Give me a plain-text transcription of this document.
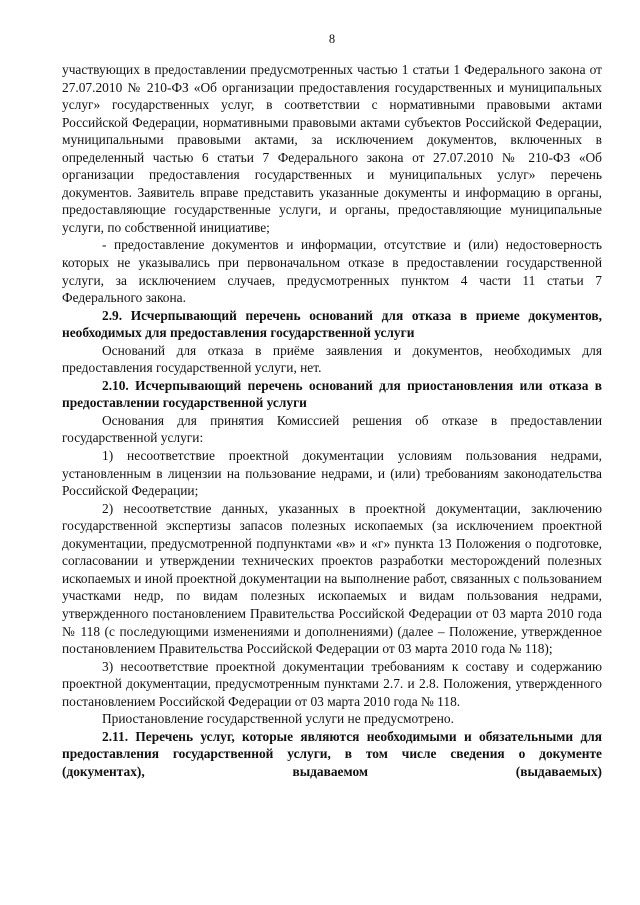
8

участвующих в предоставлении предусмотренных частью 1 статьи 1 Федерального закона от 27.07.2010 № 210-ФЗ «Об организации предоставления государственных и муниципальных услуг» государственных услуг, в соответствии с нормативными правовыми актами Российской Федерации, нормативными правовыми актами субъектов Российской Федерации, муниципальными правовыми актами, за исключением документов, включенных в определенный частью 6 статьи 7 Федерального закона от 27.07.2010 № 210-ФЗ «Об организации предоставления государственных и муниципальных услуг» перечень документов. Заявитель вправе представить указанные документы и информацию в органы, предоставляющие государственные услуги, и органы, предоставляющие муниципальные услуги, по собственной инициативе;

- предоставление документов и информации, отсутствие и (или) недостоверность которых не указывались при первоначальном отказе в предоставлении государственной услуги, за исключением случаев, предусмотренных пунктом 4 части 11 статьи 7 Федерального закона.

2.9. Исчерпывающий перечень оснований для отказа в приеме документов, необходимых для предоставления государственной услуги

Оснований для отказа в приёме заявления и документов, необходимых для предоставления государственной услуги, нет.

2.10. Исчерпывающий перечень оснований для приостановления или отказа в предоставлении государственной услуги

Основания для принятия Комиссией решения об отказе в предоставлении государственной услуги:

1) несоответствие проектной документации условиям пользования недрами, установленным в лицензии на пользование недрами, и (или) требованиям законодательства Российской Федерации;

2) несоответствие данных, указанных в проектной документации, заключению государственной экспертизы запасов полезных ископаемых (за исключением проектной документации, предусмотренной подпунктами «в» и «г» пункта 13 Положения о подготовке, согласовании и утверждении технических проектов разработки месторождений полезных ископаемых и иной проектной документации на выполнение работ, связанных с пользованием участками недр, по видам полезных ископаемых и видам пользования недрами, утвержденного постановлением Правительства Российской Федерации от 03 марта 2010 года № 118 (с последующими изменениями и дополнениями) (далее – Положение, утвержденное постановлением Правительства Российской Федерации от 03 марта 2010 года № 118);

3) несоответствие проектной документации требованиям к составу и содержанию проектной документации, предусмотренным пунктами 2.7. и 2.8. Положения, утвержденного постановлением Российской Федерации от 03 марта 2010 года № 118.

Приостановление государственной услуги не предусмотрено.

2.11. Перечень услуг, которые являются необходимыми и обязательными для предоставления государственной услуги, в том числе сведения о документе (документах), выдаваемом (выдаваемых)
